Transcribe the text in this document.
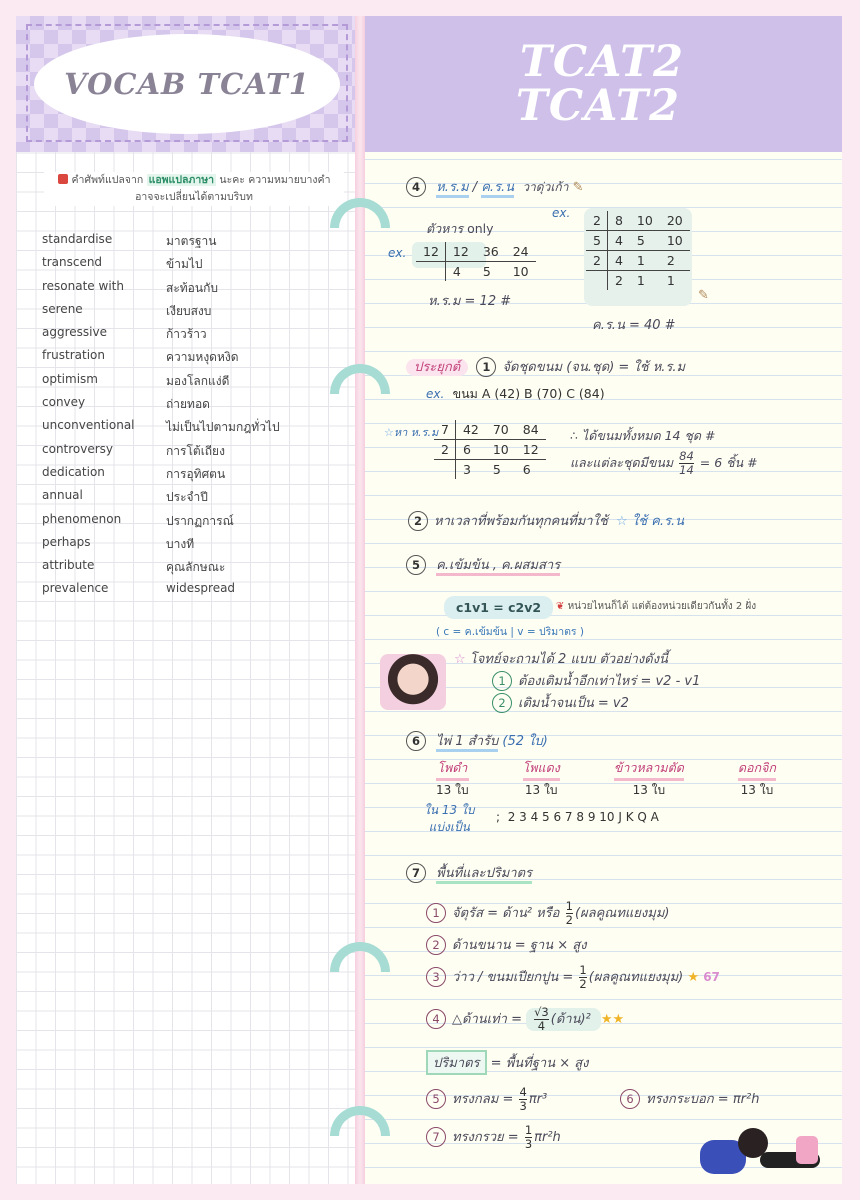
VOCAB TCAT1
คำศัพท์แปลจาก แอพแปลภาษา นะคะ ความหมายบางคำ
อาจจะเปลี่ยนได้ตามบริบท
standardise	มาตรฐาน
transcend	ข้ามไป
resonate with	สะท้อนกับ
serene	เงียบสงบ
aggressive	ก้าวร้าว
frustration	ความหงุดหงิด
optimism	มองโลกแง่ดี
convey	ถ่ายทอด
unconventional	ไม่เป็นไปตามกฎทั่วไป
controversy	การโต้เถียง
dedication	การอุทิศตน
annual	ประจำปี
phenomenon	ปรากฏการณ์
perhaps	บางที
attribute	คุณลักษณะ
prevalence	widespread
TCAT2
TCAT2
4 ห.ร.ม / ค.ร.น วาดุ่วเก้า ✎
ตัวหาร only
ex. 12	12	36	24
	4	5	10
ห.ร.ม = 12 #
ex. 2	8	10	20
5	4	5	10
2	4	1	2
	2	1	1
✎
ค.ร.น = 40 #
ประยุกต์ 1 จัดชุดขนม (จน.ชุด) = ใช้ ห.ร.ม
ex. ขนม A (42) B (70) C (84)
☆หา ห.ร.ม 7	42	70	84
2	6	10	12
	3	5	6
∴ ได้ขนมทั้งหมด 14 ชุด #
และแต่ละชุดมีขนม $\frac{84}{14} = 6$ ชิ้น #
2 หาเวลาที่พร้อมกันทุกคนที่มาใช้ ☆ ใช้ ค.ร.น
5 ค.เข้มข้น , ค.ผสมสาร
c1v1 = c2v2	❦ หน่วยไหนก็ได้ แต่ต้องหน่วยเดียวกันทั้ง 2 ฝั่ง
( c = ค.เข้มข้น | v = ปริมาตร )
☆ โจทย์จะถามได้ 2 แบบ ตัวอย่างดังนี้
1 ต้องเติมน้ำอีกเท่าไหร่ = v2 - v1
2 เติมน้ำจนเป็น = v2
6 ไพ่ 1 สำรับ (52 ใบ)
โพดำ
13 ใบ
โพแดง
13 ใบ
ข้าวหลามตัด
13 ใบ
ดอกจิก
13 ใบ
ใน 13 ใบ
แบ่งเป็น
; 2 3 4 5 6 7 8 9 10 J K Q A
7 พื้นที่และปริมาตร
1 จัตุรัส = ด้าน² หรือ $\frac{1}{2}$ (ผลคูณทแยงมุม)
2 ด้านขนาน = ฐาน × สูง
3 ว่าว / ขนมเปียกปูน = $\frac{1}{2}$ (ผลคูณทแยงมุม) ★ 67
4 △ด้านเท่า = $\frac{√3}{4}$ (ด้าน)² ★★
ปริมาตร = พื้นที่ฐาน × สูง
5 ทรงกลม = $\frac{4}{3} \pi r^3$	6 ทรงกระบอก = πr²h
7 ทรงกรวย = $\frac{1}{3} \pi r^2h$
